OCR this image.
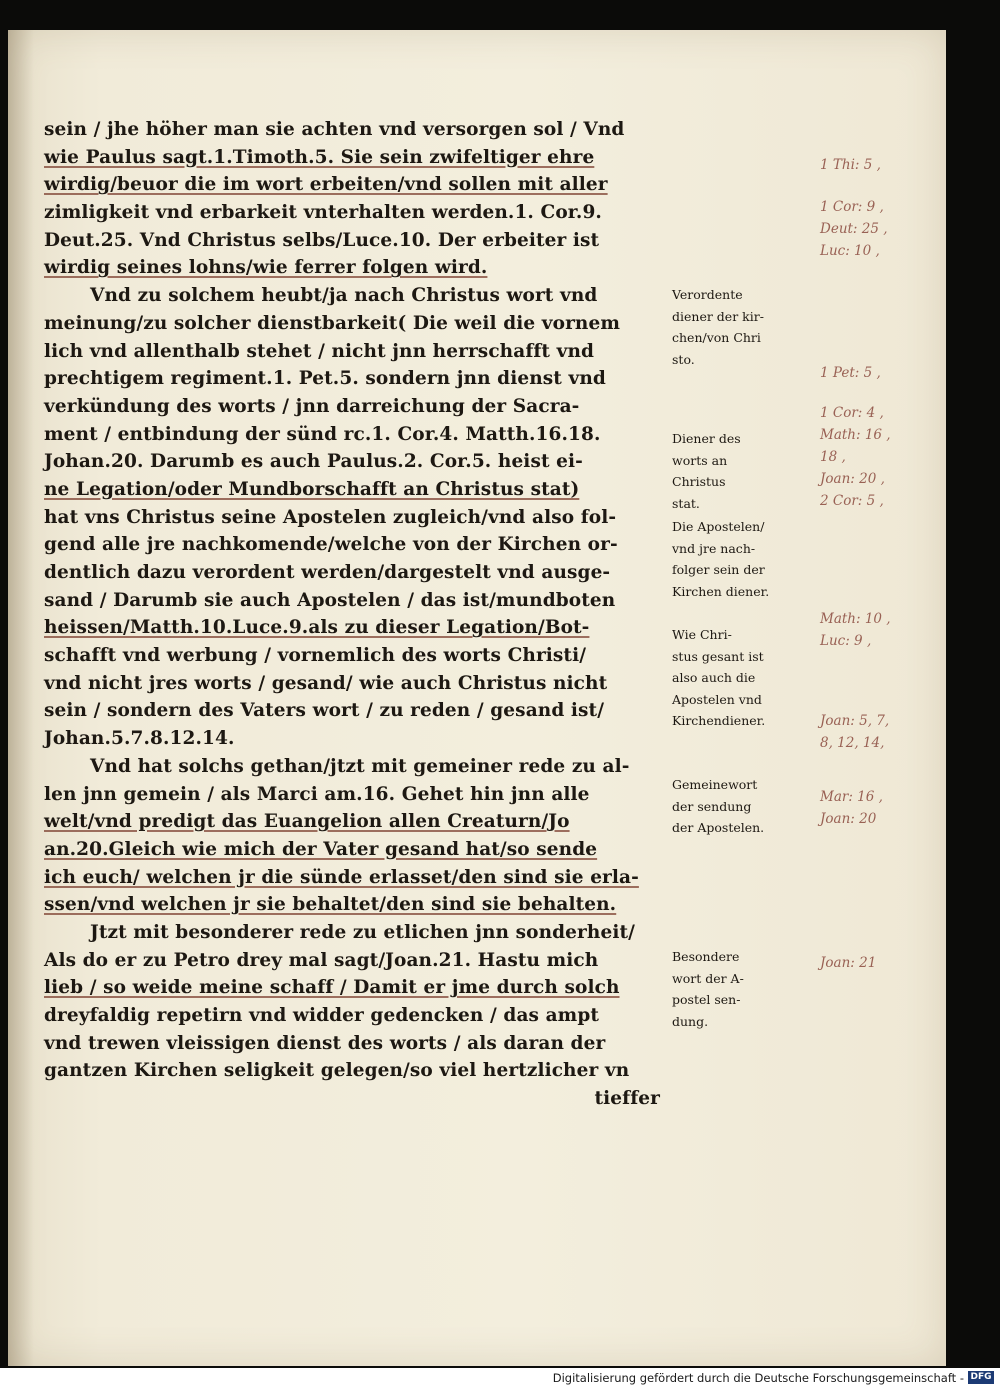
sein / jhe höher man sie achten vnd versorgen sol / Vnd
wie Paulus sagt.1.Timoth.5. Sie sein zwifeltiger ehre
wirdig/beuor die im wort erbeiten/vnd sollen mit aller
zimligkeit vnd erbarkeit vnterhalten werden.1. Cor.9.
Deut.25. Vnd Christus selbs/Luce.10. Der erbeiter ist
wirdig seines lohns/wie ferrer folgen wird.
Vnd zu solchem heubt/ja nach Christus wort vnd
meinung/zu solcher dienstbarkeit( Die weil die vornem
lich vnd allenthalb stehet / nicht jnn herrschafft vnd
prechtigem regiment.1. Pet.5. sondern jnn dienst vnd
verkündung des worts / jnn darreichung der Sacra-
ment / entbindung der sünd rc.1. Cor.4. Matth.16.18.
Johan.20. Darumb es auch Paulus.2. Cor.5. heist ei-
ne Legation/oder Mundborschafft an Christus stat)
hat vns Christus seine Apostelen zugleich/vnd also fol-
gend alle jre nachkomende/welche von der Kirchen or-
dentlich dazu verordent werden/dargestelt vnd ausge-
sand / Darumb sie auch Apostelen / das ist/mundboten
heissen/Matth.10.Luce.9.als zu dieser Legation/Bot-
schafft vnd werbung / vornemlich des worts Christi/
vnd nicht jres worts / gesand/ wie auch Christus nicht
sein / sondern des Vaters wort / zu reden / gesand ist/
Johan.5.7.8.12.14.
Vnd hat solchs gethan/jtzt mit gemeiner rede zu al-
len jnn gemein / als Marci am.16. Gehet hin jnn alle
welt/vnd predigt das Euangelion allen Creaturn/Jo
an.20.Gleich wie mich der Vater gesand hat/so sende
ich euch/ welchen jr die sünde erlasset/den sind sie erla-
ssen/vnd welchen jr sie behaltet/den sind sie behalten.
Jtzt mit besonderer rede zu etlichen jnn sonderheit/
Als do er zu Petro drey mal sagt/Joan.21. Hastu mich
lieb / so weide meine schaff / Damit er jme durch solch
dreyfaldig repetirn vnd widder gedencken / das ampt
vnd trewen vleissigen dienst des worts / als daran der
gantzen Kirchen seligkeit gelegen/so viel hertzlicher vn
tieffer
Verordente
diener der kir-
chen/von Chri
sto.
Diener des
worts an
Christus
stat.
Die Apostelen/
vnd jre nach-
folger sein der
Kirchen diener.
Wie Chri-
stus gesant ist
also auch die
Apostelen vnd
Kirchendiener.
Gemeinewort
der sendung
der Apostelen.
Besondere
wort der A-
postel sen-
dung.
1 Thi: 5 ,
1 Cor: 9 ,
Deut: 25 ,
Luc: 10 ,
1 Pet: 5 ,
1 Cor: 4 ,
Math: 16 ,
18 ,
Joan: 20 ,
2 Cor: 5 ,
Math: 10 ,
Luc: 9 ,
Joan: 5, 7,
8, 12, 14,
Mar: 16 ,
Joan: 20
Joan: 21
Digitalisierung gefördert durch die Deutsche Forschungsgemeinschaft - DFG
